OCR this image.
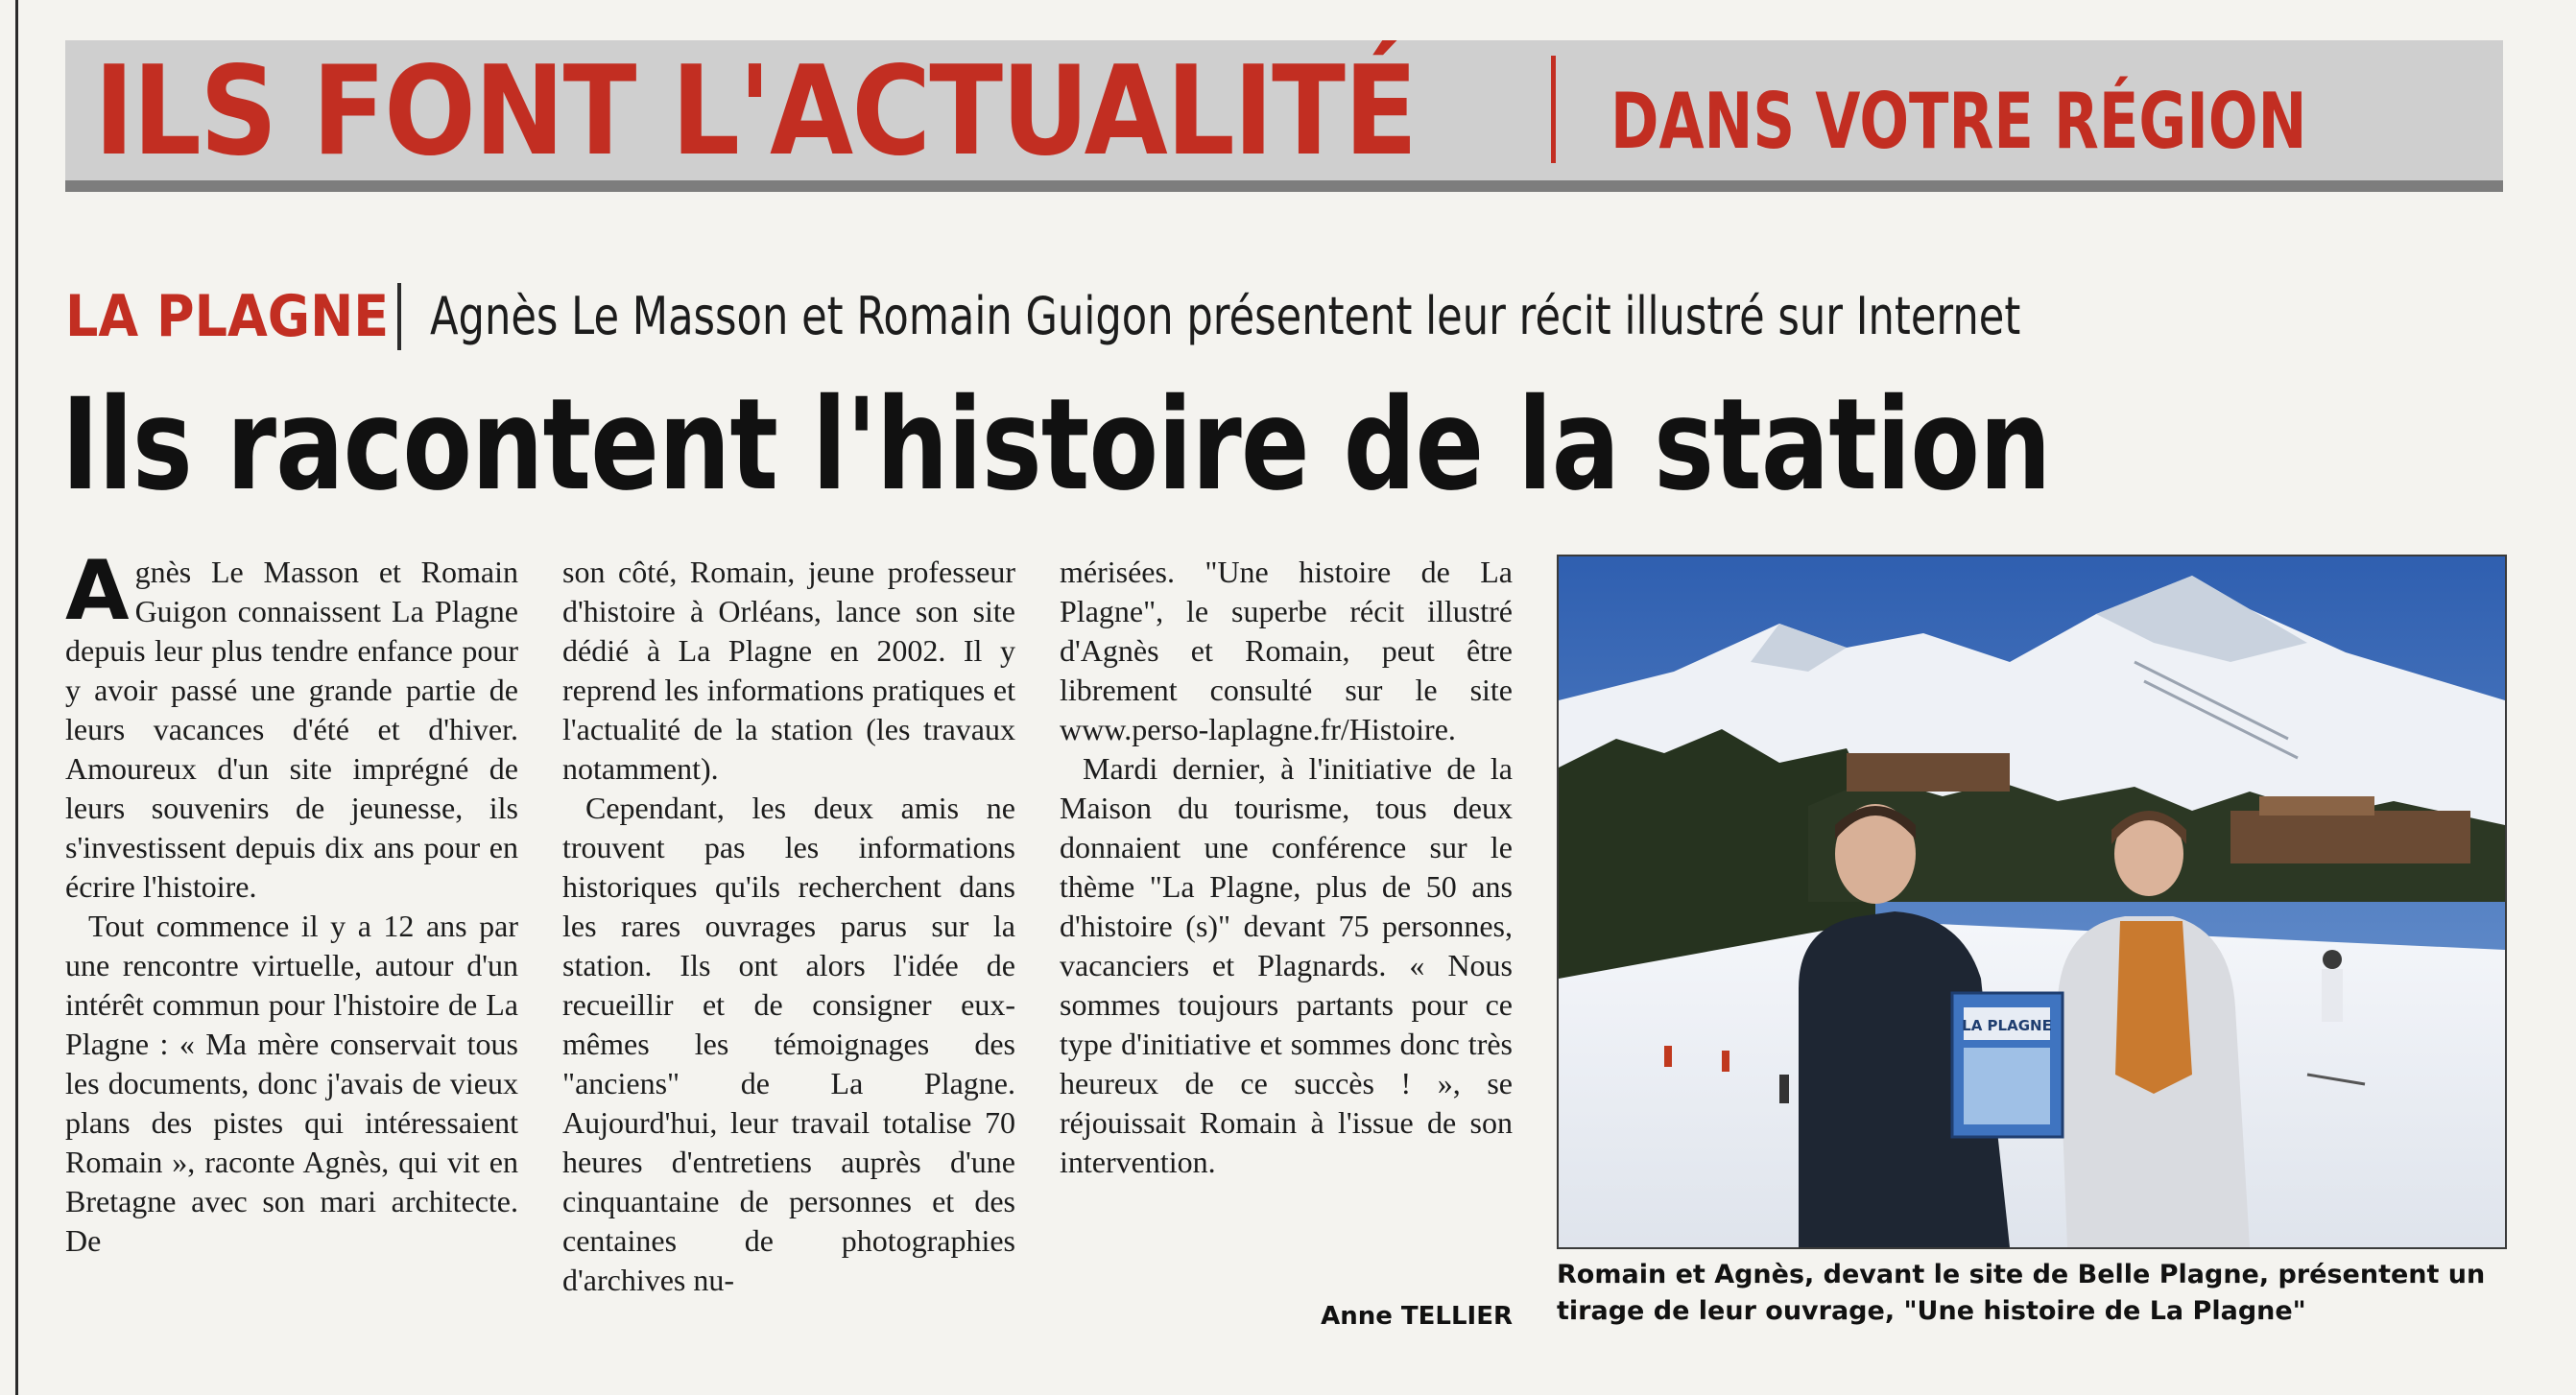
ILS FONT L'ACTUALITÉ	DANS VOTRE RÉGION
LA PLAGNE Agnès Le Masson et Romain Guigon présentent leur récit illustré sur Internet
Ils racontent l'histoire de la station

Agnès Le Masson et Romain Guigon connaissent La Plagne depuis leur plus tendre enfance pour y avoir passé une grande partie de leurs vacances d'été et d'hiver. Amoureux d'un site imprégné de leurs souvenirs de jeunesse, ils s'investissent depuis dix ans pour en écrire l'histoire.

Tout commence il y a 12 ans par une rencontre virtuelle, autour d'un intérêt commun pour l'histoire de La Plagne : « Ma mère conservait tous les documents, donc j'avais de vieux plans des pistes qui intéressaient Romain », raconte Agnès, qui vit en Bretagne avec son mari architecte. De

son côté, Romain, jeune professeur d'histoire à Orléans, lance son site dédié à La Plagne en 2002. Il y reprend les informations pratiques et l'actualité de la station (les travaux notamment).

Cependant, les deux amis ne trouvent pas les informations historiques qu'ils recherchent dans les rares ouvrages parus sur la station. Ils ont alors l'idée de recueillir et de consigner eux-mêmes les témoignages des "anciens" de La Plagne. Aujourd'hui, leur travail totalise 70 heures d'entretiens auprès d'une cinquantaine de personnes et des centaines de photographies d'archives nu-

mérisées. "Une histoire de La Plagne", le superbe récit illustré d'Agnès et Romain, peut être librement consulté sur le site www.perso-laplagne.fr/Histoire.

Mardi dernier, à l'initiative de la Maison du tourisme, tous deux donnaient une conférence sur le thème "La Plagne, plus de 50 ans d'histoire (s)" devant 75 personnes, vacanciers et Plagnards. « Nous sommes toujours partants pour ce type d'initiative et sommes donc très heureux de ce succès ! », se réjouissait Romain à l'issue de son intervention.

Anne TELLIER
LA PLAGNE
Romain et Agnès, devant le site de Belle Plagne, présentent un tirage de leur ouvrage, "Une histoire de La Plagne"
